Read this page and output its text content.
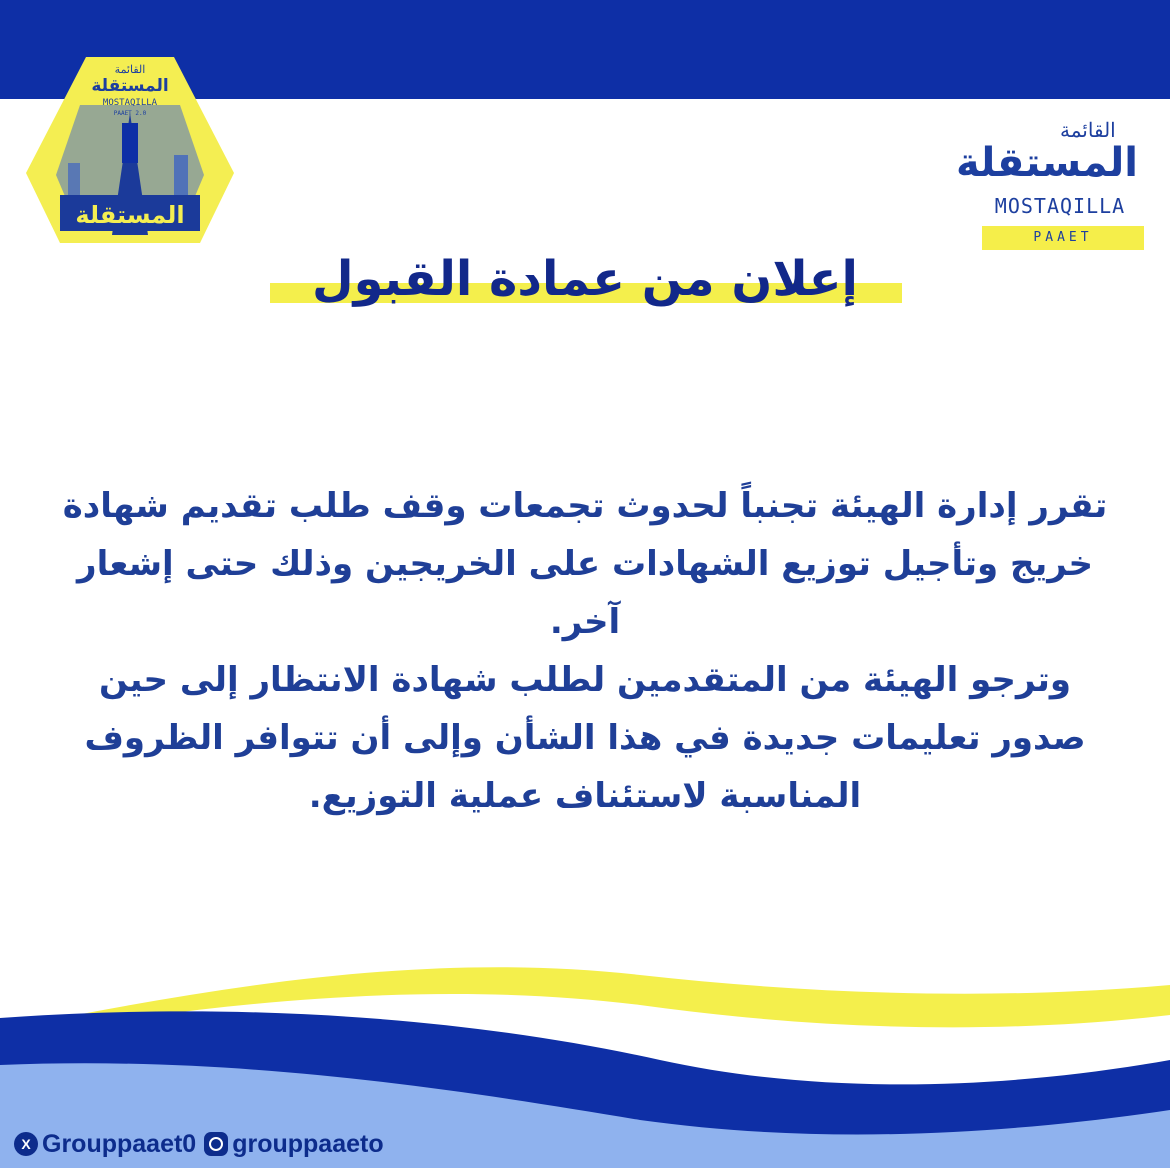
القائمة
المستقلة
MOSTAQILLA
PAAET 2.0
المستقلة
القائمة
المستقلة
MOSTAQILLA
PAAET
إعلان من عمادة القبول

تقرر إدارة الهيئة تجنباً لحدوث تجمعات وقف طلب تقديم شهادة خريج وتأجيل توزيع الشهادات على الخريجين وذلك حتى إشعار آخر.

وترجو الهيئة من المتقدمين لطلب شهادة الانتظار إلى حين صدور تعليمات جديدة في هذا الشأن وإلى أن تتوافر الظروف المناسبة لاستئناف عملية التوزيع.

X Grouppaaet0 grouppaaeto
